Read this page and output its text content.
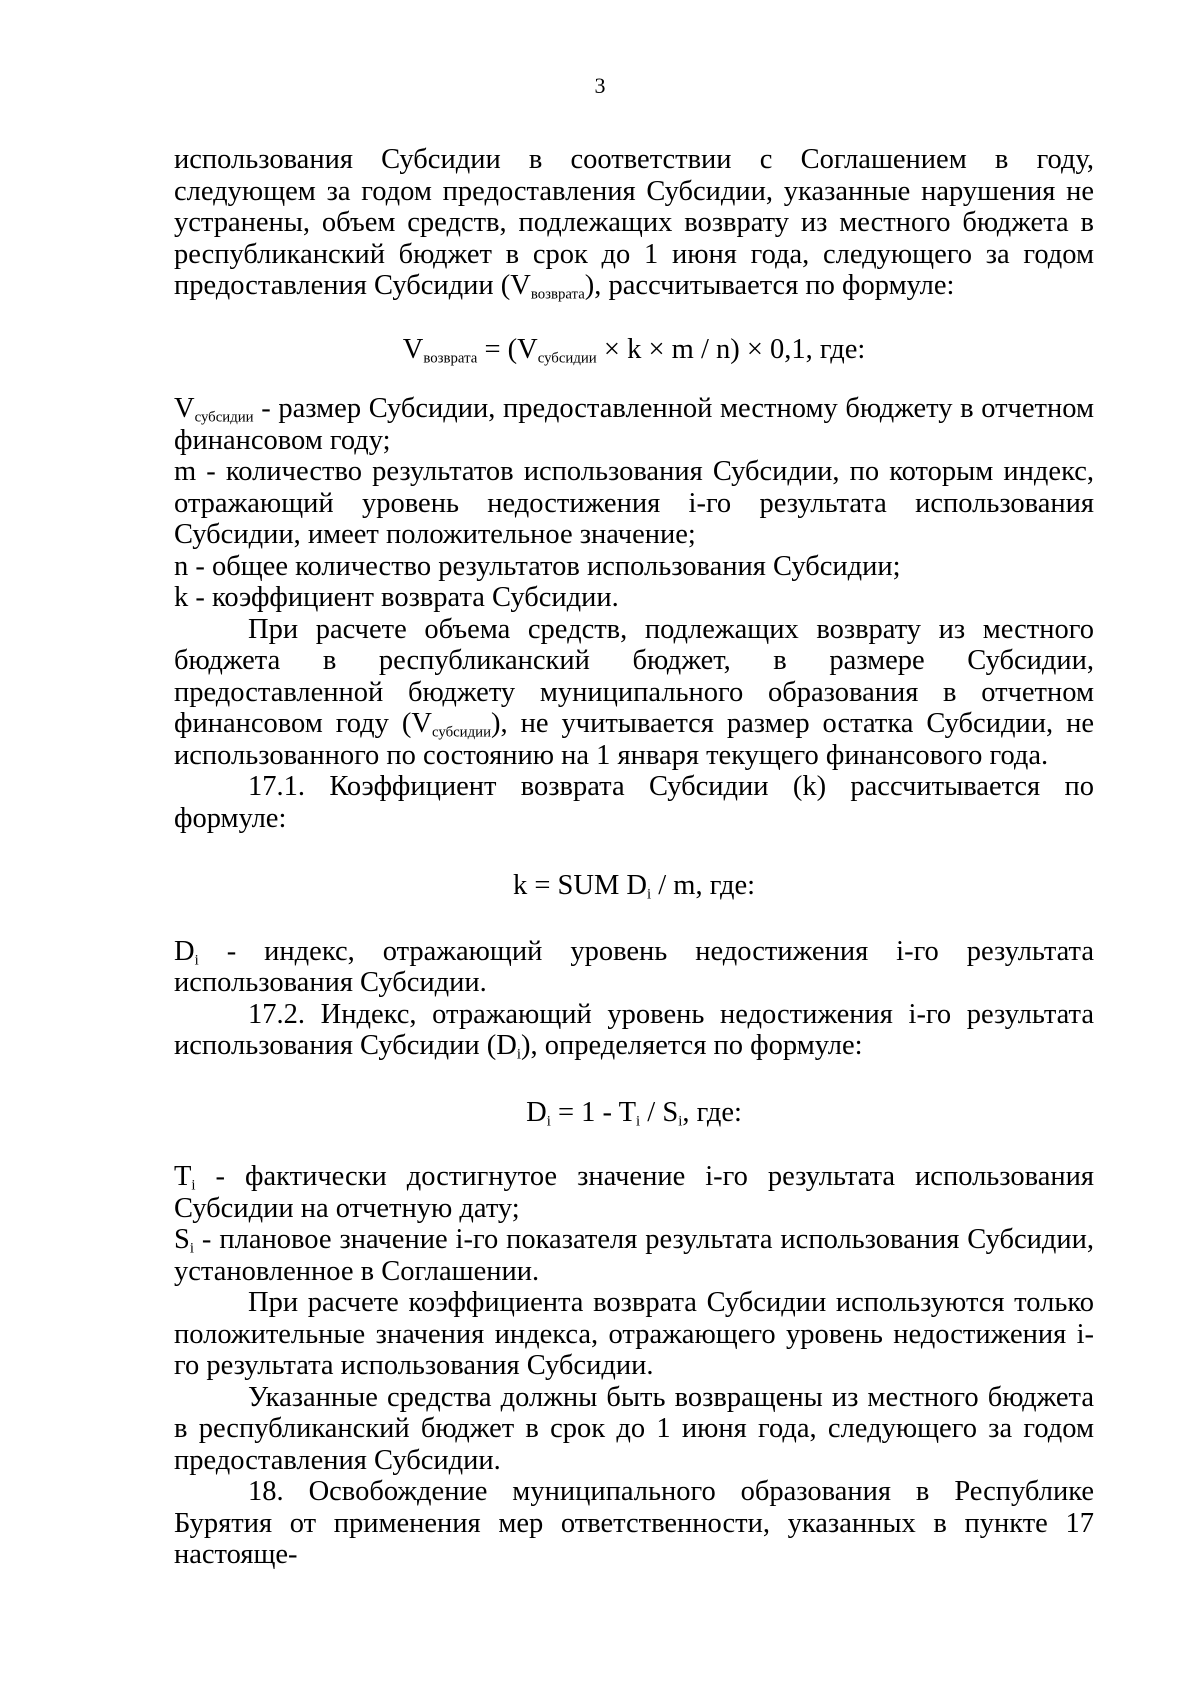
3

использования Субсидии в соответствии с Соглашением в году, следующем за годом предоставления Субсидии, указанные нарушения не устранены, объем средств, подлежащих возврату из местного бюджета в республиканский бюджет в срок до 1 июня года, следующего за годом предоставления Субсидии $(V_{возврата})$, рассчитывается по формуле:

$V_{возврата} = (V_{субсидии} \times k \times m / n) \times 0,1$, где:

$V_{субсидии}$ - размер Субсидии, предоставленной местному бюджету в отчетном финансовом году;

m - количество результатов использования Субсидии, по которым индекс, отражающий уровень недостижения i-го результата использования Субсидии, имеет положительное значение;

n - общее количество результатов использования Субсидии;

k - коэффициент возврата Субсидии.

При расчете объема средств, подлежащих возврату из местного бюджета в республиканский бюджет, в размере Субсидии, предоставленной бюджету муниципального образования в отчетном финансовом году $(V_{субсидии})$, не учитывается размер остатка Субсидии, не использованного по состоянию на 1 января текущего финансового года.

17.1. Коэффициент возврата Субсидии (k) рассчитывается по формуле:

k = SUM $D_i$ / m, где:

$D_i$ - индекс, отражающий уровень недостижения i-го результата использования Субсидии.

17.2. Индекс, отражающий уровень недостижения i-го результата использования Субсидии $(D_i)$, определяется по формуле:

$D_i = 1 - T_i / S_i$, где:

$T_i$ - фактически достигнутое значение i-го результата использования Субсидии на отчетную дату;

$S_i$ - плановое значение i-го показателя результата использования Субсидии, установленное в Соглашении.

При расчете коэффициента возврата Субсидии используются только положительные значения индекса, отражающего уровень недостижения i-го результата использования Субсидии.

Указанные средства должны быть возвращены из местного бюджета в республиканский бюджет в срок до 1 июня года, следующего за годом предоставления Субсидии.

18. Освобождение муниципального образования в Республике Бурятия от применения мер ответственности, указанных в пункте 17 настояще-
